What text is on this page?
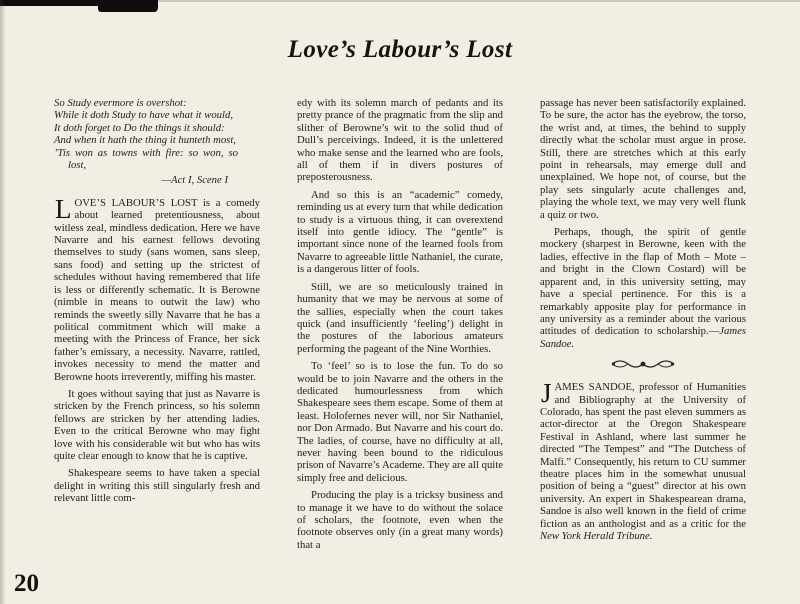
Love’s Labour’s Lost

So Study evermore is overshot:

While it doth Study to have what it would,

It doth forget to Do the things it should:

And when it hath the thing it hunteth most,

’Tis won as towns with fire: so won, so lost,

—Act I, Scene I

LOVE’S LABOUR’S LOST is a comedy about learned pretentiousness, about witless zeal, mindless dedication. Here we have Navarre and his earnest fellows devoting themselves to study (sans women, sans sleep, sans food) and setting up the strictest of schedules without having remembered that life is less or differently schematic. It is Berowne (nimble in means to outwit the law) who reminds the sweetly silly Navarre that he has a political commitment which will make a meeting with the Princess of France, her sick father’s emissary, a necessity. Navarre, rattled, invokes necessity to mend the matter and Berowne hoots irreverently, miffing his master.

It goes without saying that just as Navarre is stricken by the French princess, so his solemn fellows are stricken by her attending ladies. Even to the critical Berowne who may fight love with his considerable wit but who has wits quite clear enough to know that he is captive.

Shakespeare seems to have taken a special delight in writing this still singularly fresh and relevant little com-

edy with its solemn march of pedants and its pretty prance of the pragmatic from the slip and slither of Berowne’s wit to the solid thud of Dull’s perceivings. Indeed, it is the unlettered who make sense and the learned who are fools, all of them if in divers postures of preposterousness.

And so this is an “academic” comedy, reminding us at every turn that while dedication to study is a virtuous thing, it can overextend itself into gentle idiocy. The “gentle” is important since none of the learned fools from Navarre to agreeable little Nathaniel, the curate, is a dangerous litter of fools.

Still, we are so meticulously trained in humanity that we may be nervous at some of the sallies, especially when the court takes quick (and insufficiently ‘feeling’) delight in the postures of the laborious amateurs performing the pageant of the Nine Worthies.

To ‘feel’ so is to lose the fun. To do so would be to join Navarre and the others in the dedicated humourlessness from which Shakespeare sees them escape. Some of them at least. Holofernes never will, nor Sir Nathaniel, nor Don Armado. But Navarre and his court do. The ladies, of course, have no difficulty at all, never having been bound to the ridiculous prison of Navarre’s Academe. They are all quite simply free and delicious.

Producing the play is a tricksy business and to manage it we have to do without the solace of scholars, the footnote, even when the footnote observes only (in a great many words) that a

passage has never been satisfactorily explained. To be sure, the actor has the eyebrow, the torso, the wrist and, at times, the behind to supply directly what the scholar must argue in prose. Still, there are stretches which at this early point in rehearsals, may emerge dull and unexplained. We hope not, of course, but the play sets singularly acute challenges and, playing the whole text, we may very well flunk a quiz or two.

Perhaps, though, the spirit of gentle mockery (sharpest in Berowne, keen with the ladies, effective in the flap of Moth – Mote – and bright in the Clown Costard) will be apparent and, in this university setting, may have a special pertinence. For this is a remarkably apposite play for performance in any university as a reminder about the various attitudes of dedication to scholarship.—James Sandoe.

JAMES SANDOE, professor of Humanities and Bibliography at the University of Colorado, has spent the past eleven summers as actor-director at the Oregon Shakespeare Festival in Ashland, where last summer he directed “The Tempest” and “The Dutchess of Malfi.” Consequently, his return to CU summer theatre places him in the somewhat unusual position of being a “guest” director at his own university. An expert in Shakespearean drama, Sandoe is also well known in the field of crime fiction as an anthologist and as a critic for the New York Herald Tribune.

20
